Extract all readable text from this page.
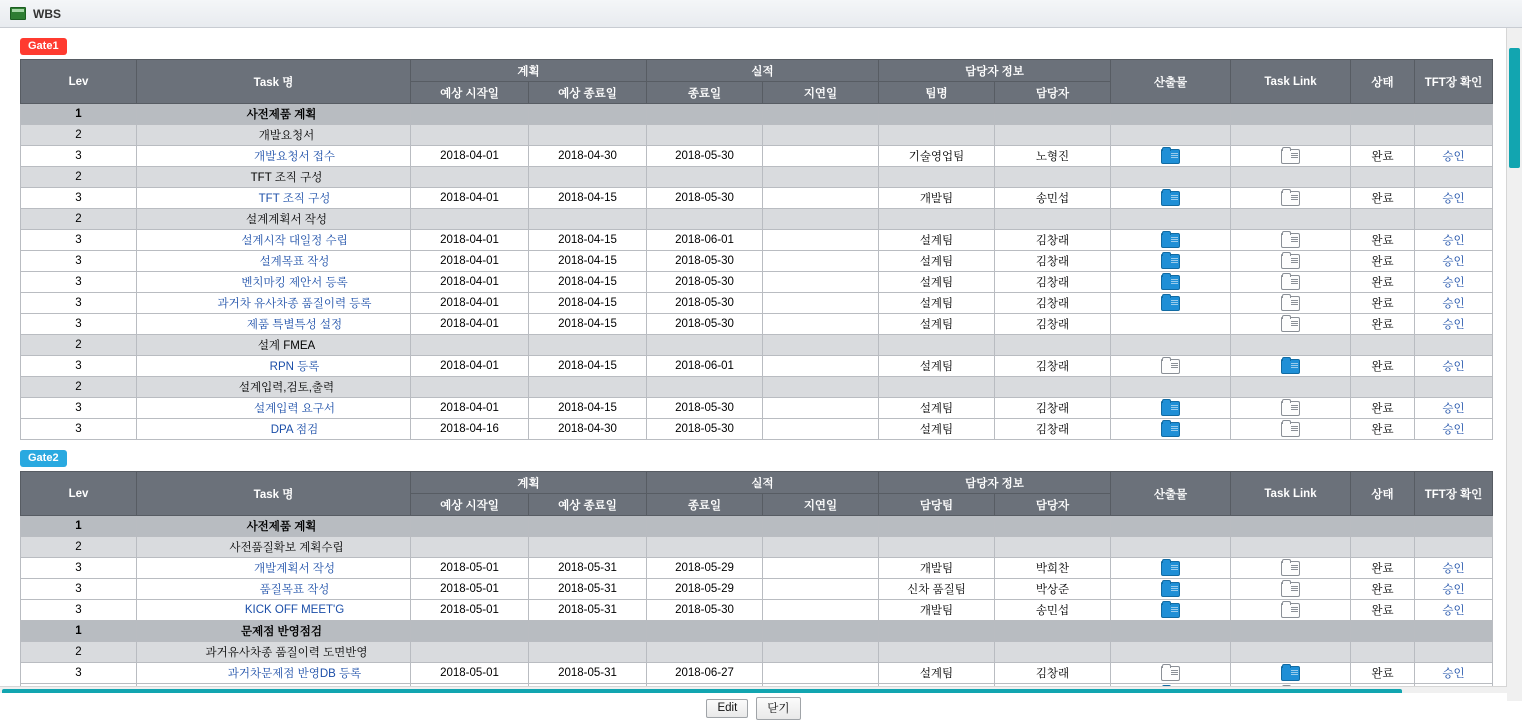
WBS
Gate1
Lev	Task 명	계획		실적		담당자 정보		산출물	Task Link	상태	TFT장 확인
		예상 시작일	예상 종료일	종료일	지연일	팀명	담당자				
1	사전제품 계획										
2	개발요청서										
3	개발요청서 접수	2018-04-01	2018-04-30	2018-05-30		기술영업팀	노형진			완료	승인
2	TFT 조직 구성										
3	TFT 조직 구성	2018-04-01	2018-04-15	2018-05-30		개발팀	송민섭			완료	승인
2	설계계획서 작성										
3	설계시작 대일정 수립	2018-04-01	2018-04-15	2018-06-01		설계팀	김창래			완료	승인
3	설계목표 작성	2018-04-01	2018-04-15	2018-05-30		설계팀	김창래			완료	승인
3	벤치마킹 제안서 등록	2018-04-01	2018-04-15	2018-05-30		설계팀	김창래			완료	승인
3	과거차 유사차종 품질이력 등록	2018-04-01	2018-04-15	2018-05-30		설계팀	김창래			완료	승인
3	제품 특별특성 설정	2018-04-01	2018-04-15	2018-05-30		설계팀	김창래			완료	승인
2	설계 FMEA										
3	RPN 등록	2018-04-01	2018-04-15	2018-06-01		설계팀	김창래			완료	승인
2	설계입력,검토,출력										
3	설계입력 요구서	2018-04-01	2018-04-15	2018-05-30		설계팀	김창래			완료	승인
3	DPA 점검	2018-04-16	2018-04-30	2018-05-30		설계팀	김창래			완료	승인
Gate2
Lev	Task 명	계획		실적		담당자 정보		산출물	Task Link	상태	TFT장 확인
		예상 시작일	예상 종료일	종료일	지연일	담당팀	담당자				
1	사전제품 계획										
2	사전품질확보 계획수립										
3	개발계획서 작성	2018-05-01	2018-05-31	2018-05-29		개발팀	박희찬			완료	승인
3	품질목표 작성	2018-05-01	2018-05-31	2018-05-29		신차 품질팀	박상준			완료	승인
3	KICK OFF MEET'G	2018-05-01	2018-05-31	2018-05-30		개발팀	송민섭			완료	승인
1	문제점 반영점검										
2	과거유사차종 품질이력 도면반영										
3	과거차문제점 반영DB 등록	2018-05-01	2018-05-31	2018-06-27		설계팀	김창래			완료	승인

Edit	닫기
